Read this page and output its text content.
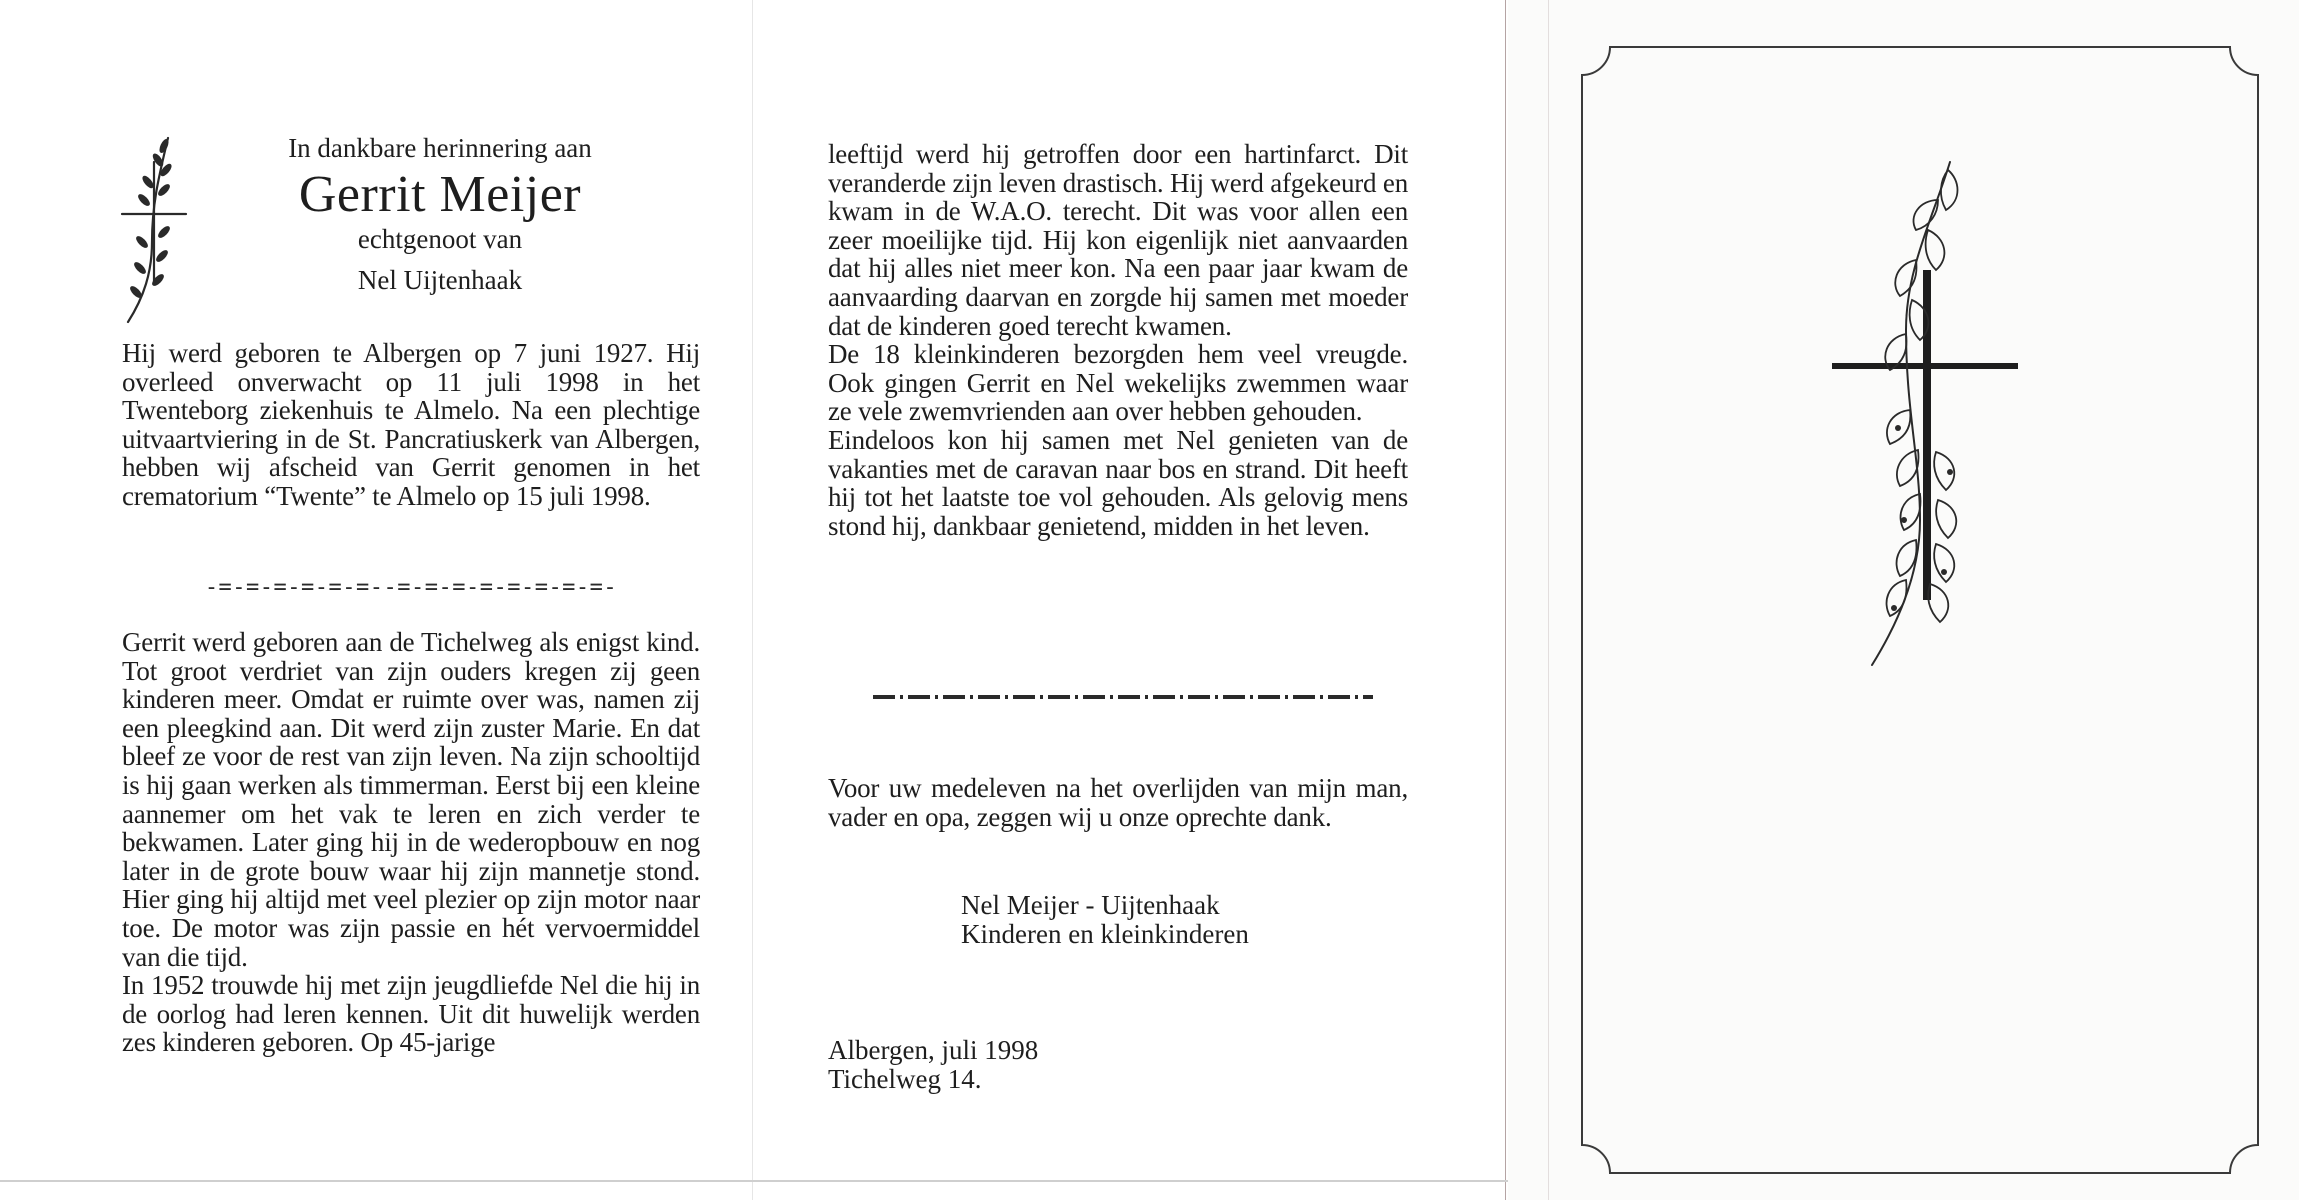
In dankbare herinnering aan
Gerrit Meijer
echtgenoot van
Nel Uijtenhaak
Hij werd geboren te Albergen op 7 juni 1927. Hij overleed onverwacht op 11 juli 1998 in het Twenteborg ziekenhuis te Almelo. Na een plechtige uitvaartviering in de St. Pancratiuskerk van Albergen, hebben wij afscheid van Gerrit genomen in het crematorium “Twente” te Almelo op 15 juli 1998.
-=-=-=-=-=-=--=-=-=-=-=-=-=-=-

Gerrit werd geboren aan de Tichelweg als enigst kind. Tot groot verdriet van zijn ouders kregen zij geen kinderen meer. Omdat er ruimte over was, namen zij een pleegkind aan. Dit werd zijn zuster Marie. En dat bleef ze voor de rest van zijn leven. Na zijn schooltijd is hij gaan werken als timmerman. Eerst bij een kleine aannemer om het vak te leren en zich verder te bekwamen. Later ging hij in de wederopbouw en nog later in de grote bouw waar hij zijn mannetje stond. Hier ging hij altijd met veel plezier op zijn motor naar toe. De motor was zijn passie en hét vervoermiddel van die tijd.

In 1952 trouwde hij met zijn jeugdliefde Nel die hij in de oorlog had leren kennen. Uit dit huwelijk werden zes kinderen geboren. Op 45-jarige

leeftijd werd hij getroffen door een hartinfarct. Dit veranderde zijn leven drastisch. Hij werd afgekeurd en kwam in de W.A.O. terecht. Dit was voor allen een zeer moeilijke tijd. Hij kon eigenlijk niet aanvaarden dat hij alles niet meer kon. Na een paar jaar kwam de aanvaarding daarvan en zorgde hij samen met moeder dat de kinderen goed terecht kwamen.

De 18 kleinkinderen bezorgden hem veel vreugde. Ook gingen Gerrit en Nel wekelijks zwemmen waar ze vele zwemvrienden aan over hebben gehouden.

Eindeloos kon hij samen met Nel genieten van de vakanties met de caravan naar bos en strand. Dit heeft hij tot het laatste toe vol gehouden. Als gelovig mens stond hij, dankbaar genietend, midden in het leven.

Voor uw medeleven na het overlijden van mijn man, vader en opa, zeggen wij u onze oprechte dank.
Nel Meijer - Uijtenhaak
Kinderen en kleinkinderen
Albergen, juli 1998
Tichelweg 14.
